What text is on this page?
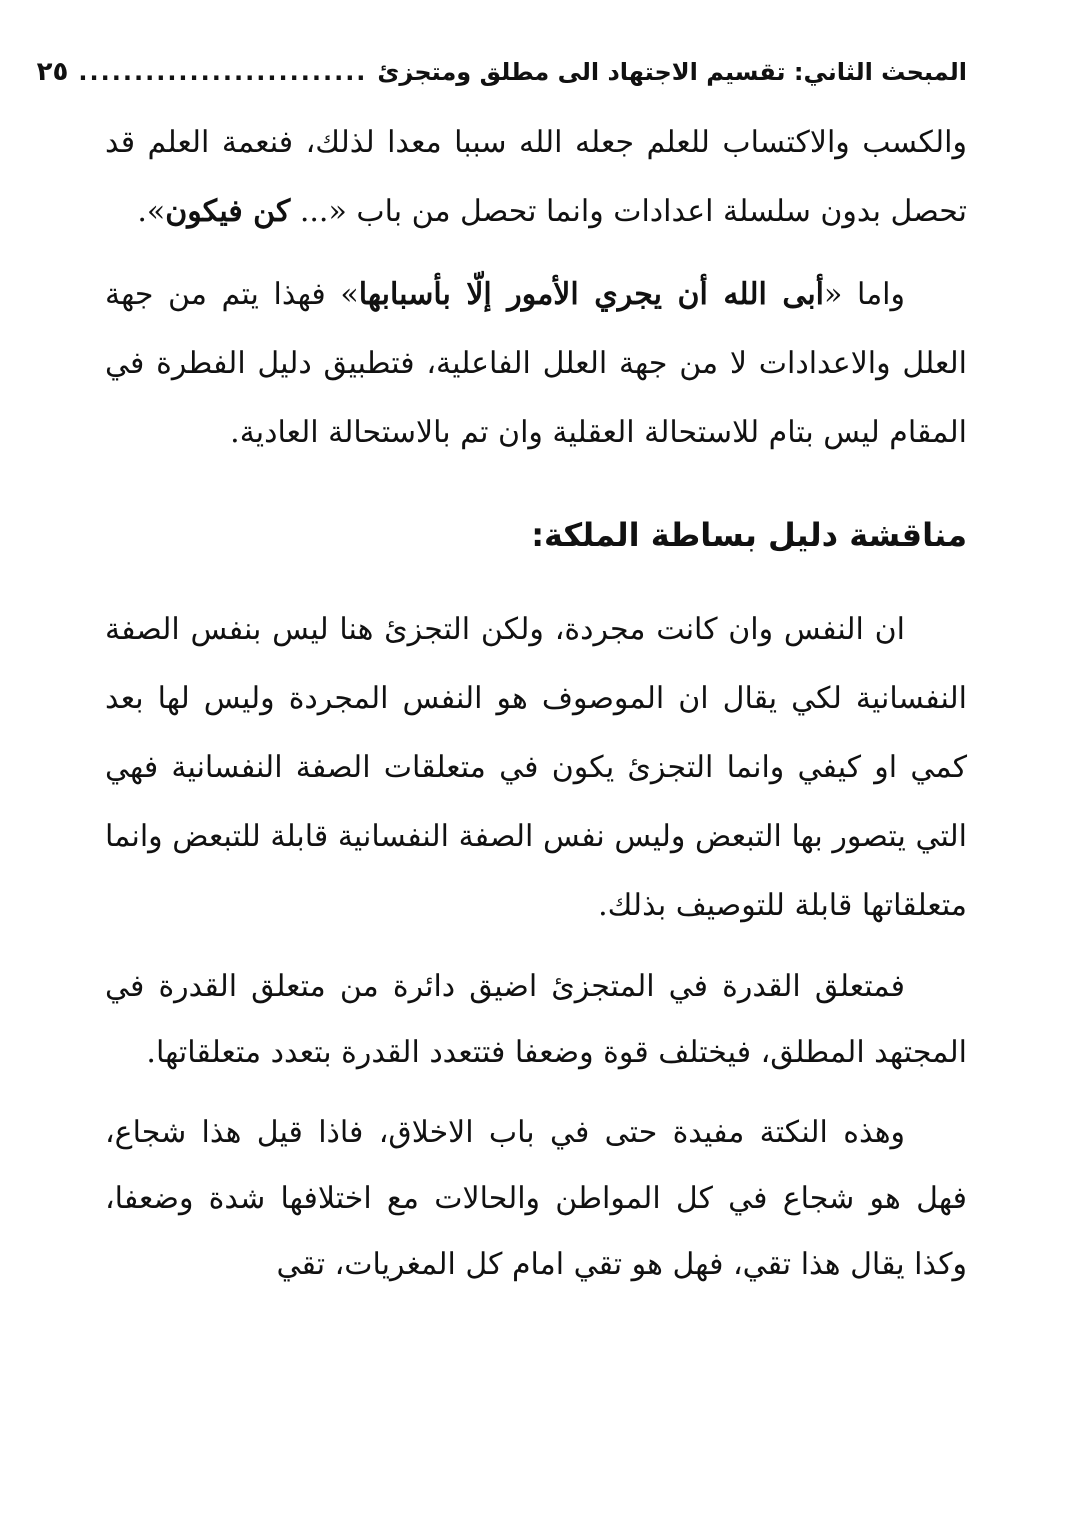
المبحث الثاني: تقسيم الاجتهاد الى مطلق ومتجزئ
..........................
٢٥

والكسب والاكتساب للعلم جعله الله سببا معدا لذلك، فنعمة العلم قد تحصل بدون سلسلة اعدادات وانما تحصل من باب «... كن فيكون».

واما «أبى الله أن يجري الأمور إلّا بأسبابها» فهذا يتم من جهة العلل والاعدادات لا من جهة العلل الفاعلية، فتطبيق دليل الفطرة في المقام ليس بتام للاستحالة العقلية وان تم بالاستحالة العادية.

مناقشة دليل بساطة الملكة:

ان النفس وان كانت مجردة، ولكن التجزئ هنا ليس بنفس الصفة النفسانية لكي يقال ان الموصوف هو النفس المجردة وليس لها بعد كمي او كيفي وانما التجزئ يكون في متعلقات الصفة النفسانية فهي التي يتصور بها التبعض وليس نفس الصفة النفسانية قابلة للتبعض وانما متعلقاتها قابلة للتوصيف بذلك.

فمتعلق القدرة في المتجزئ اضيق دائرة من متعلق القدرة في المجتهد المطلق، فيختلف قوة وضعفا فتتعدد القدرة بتعدد متعلقاتها.

وهذه النكتة مفيدة حتى في باب الاخلاق، فاذا قيل هذا شجاع، فهل هو شجاع في كل المواطن والحالات مع اختلافها شدة وضعفا، وكذا يقال هذا تقي، فهل هو تقي امام كل المغريات، تقي
